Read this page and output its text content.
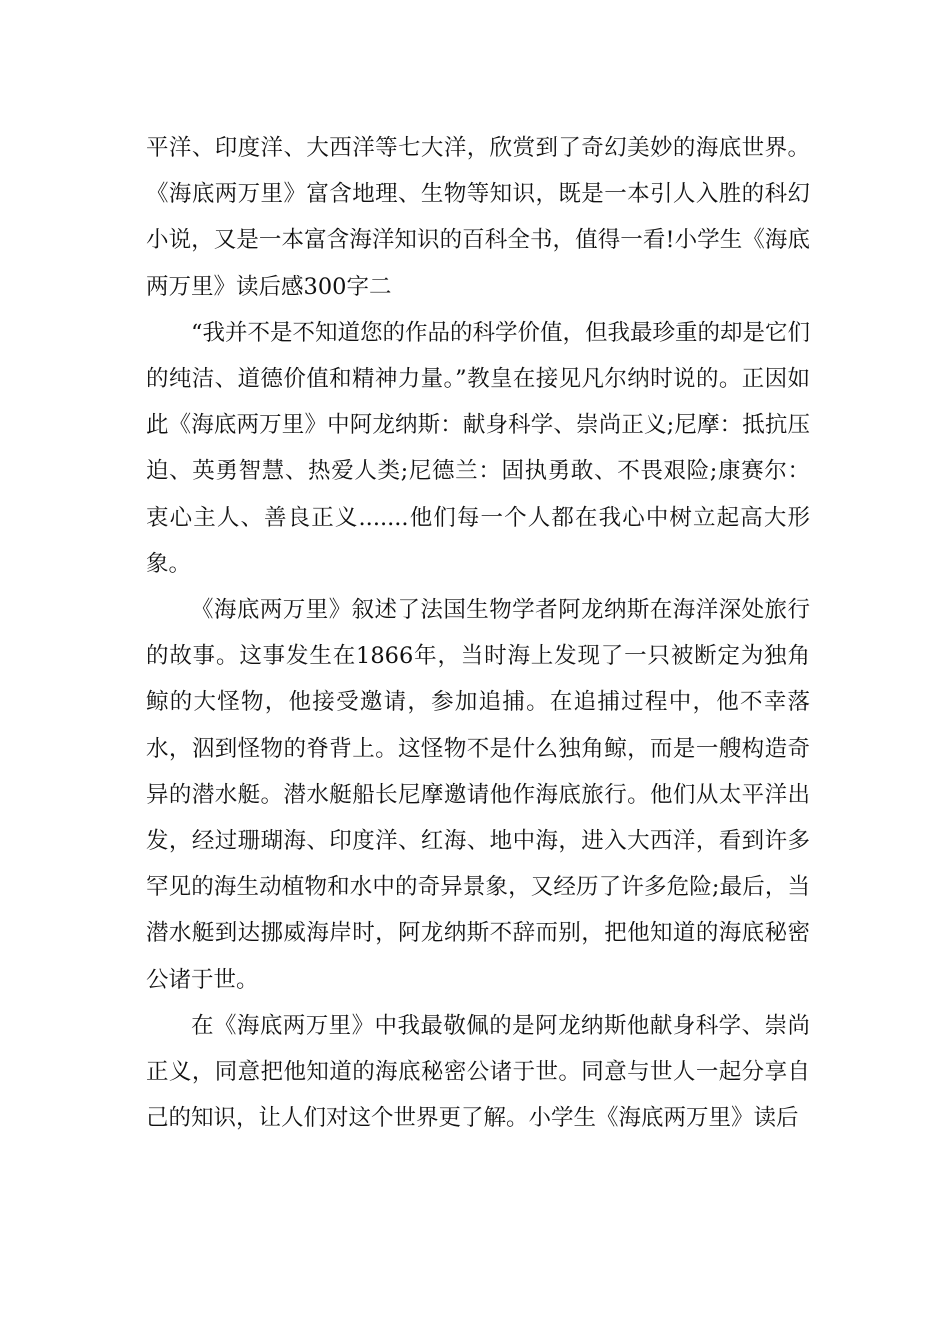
平洋、印度洋、大西洋等七大洋，欣赏到了奇幻美妙的海底世界。《海底两万里》富含地理、生物等知识，既是一本引人入胜的科幻小说，又是一本富含海洋知识的百科全书，值得一看!小学生《海底两万里》读后感300字二

“我并不是不知道您的作品的科学价值，但我最珍重的却是它们的纯洁、道德价值和精神力量。”教皇在接见凡尔纳时说的。正因如此《海底两万里》中阿龙纳斯：献身科学、崇尚正义;尼摩：抵抗压迫、英勇智慧、热爱人类;尼德兰：固执勇敢、不畏艰险;康赛尔：衷心主人、善良正义.......他们每一个人都在我心中树立起高大形象。

《海底两万里》叙述了法国生物学者阿龙纳斯在海洋深处旅行的故事。这事发生在1866年，当时海上发现了一只被断定为独角鲸的大怪物，他接受邀请，参加追捕。在追捕过程中，他不幸落水，泅到怪物的脊背上。这怪物不是什么独角鲸，而是一艘构造奇异的潜水艇。潜水艇船长尼摩邀请他作海底旅行。他们从太平洋出发，经过珊瑚海、印度洋、红海、地中海，进入大西洋，看到许多罕见的海生动植物和水中的奇异景象，又经历了许多危险;最后，当潜水艇到达挪威海岸时，阿龙纳斯不辞而别，把他知道的海底秘密公诸于世。

在《海底两万里》中我最敬佩的是阿龙纳斯他献身科学、崇尚正义，同意把他知道的海底秘密公诸于世。同意与世人一起分享自己的知识，让人们对这个世界更了解。小学生《海底两万里》读后
